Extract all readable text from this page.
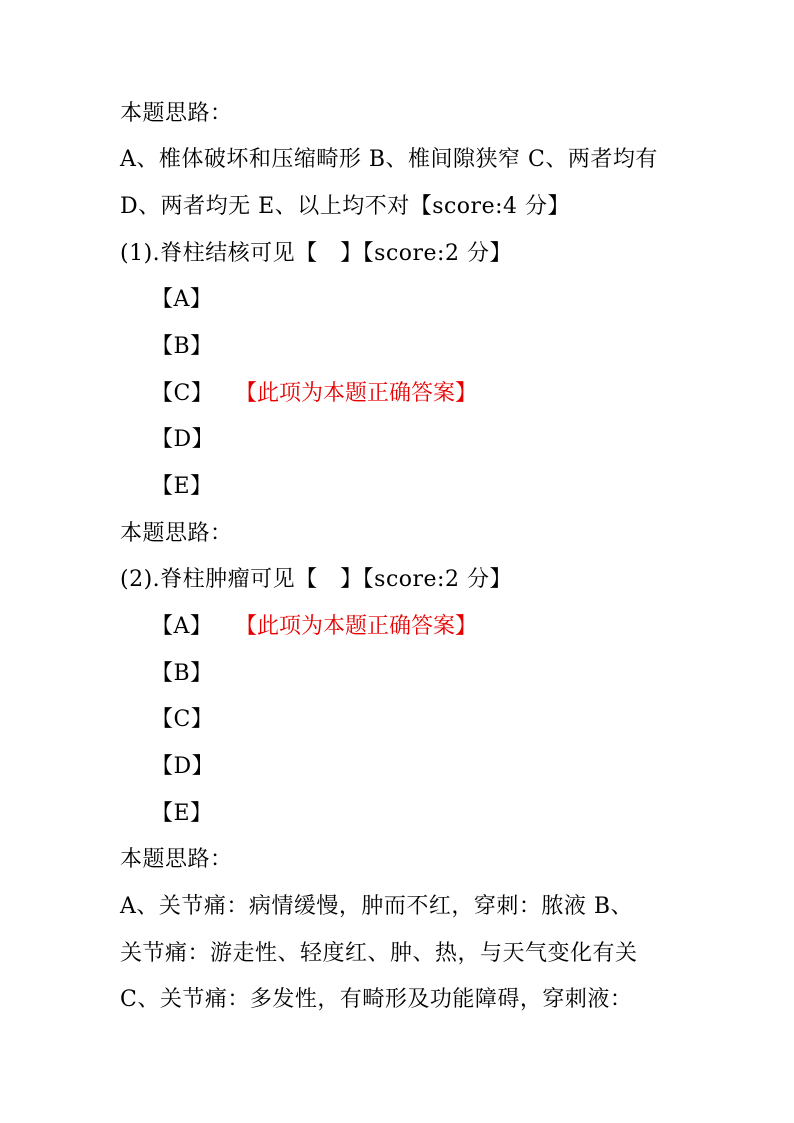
本题思路：
A、椎体破坏和压缩畸形 B、椎间隙狭窄 C、两者均有
D、两者均无 E、以上均不对【score:4 分】
(1).脊柱结核可见【　】【score:2 分】
【A】
【B】
【C】 【此项为本题正确答案】
【D】
【E】
本题思路：
(2).脊柱肿瘤可见【　】【score:2 分】
【A】 【此项为本题正确答案】
【B】
【C】
【D】
【E】
本题思路：
A、关节痛：病情缓慢，肿而不红，穿刺：脓液 B、
关节痛：游走性、轻度红、肿、热，与天气变化有关
C、关节痛：多发性，有畸形及功能障碍，穿刺液：
